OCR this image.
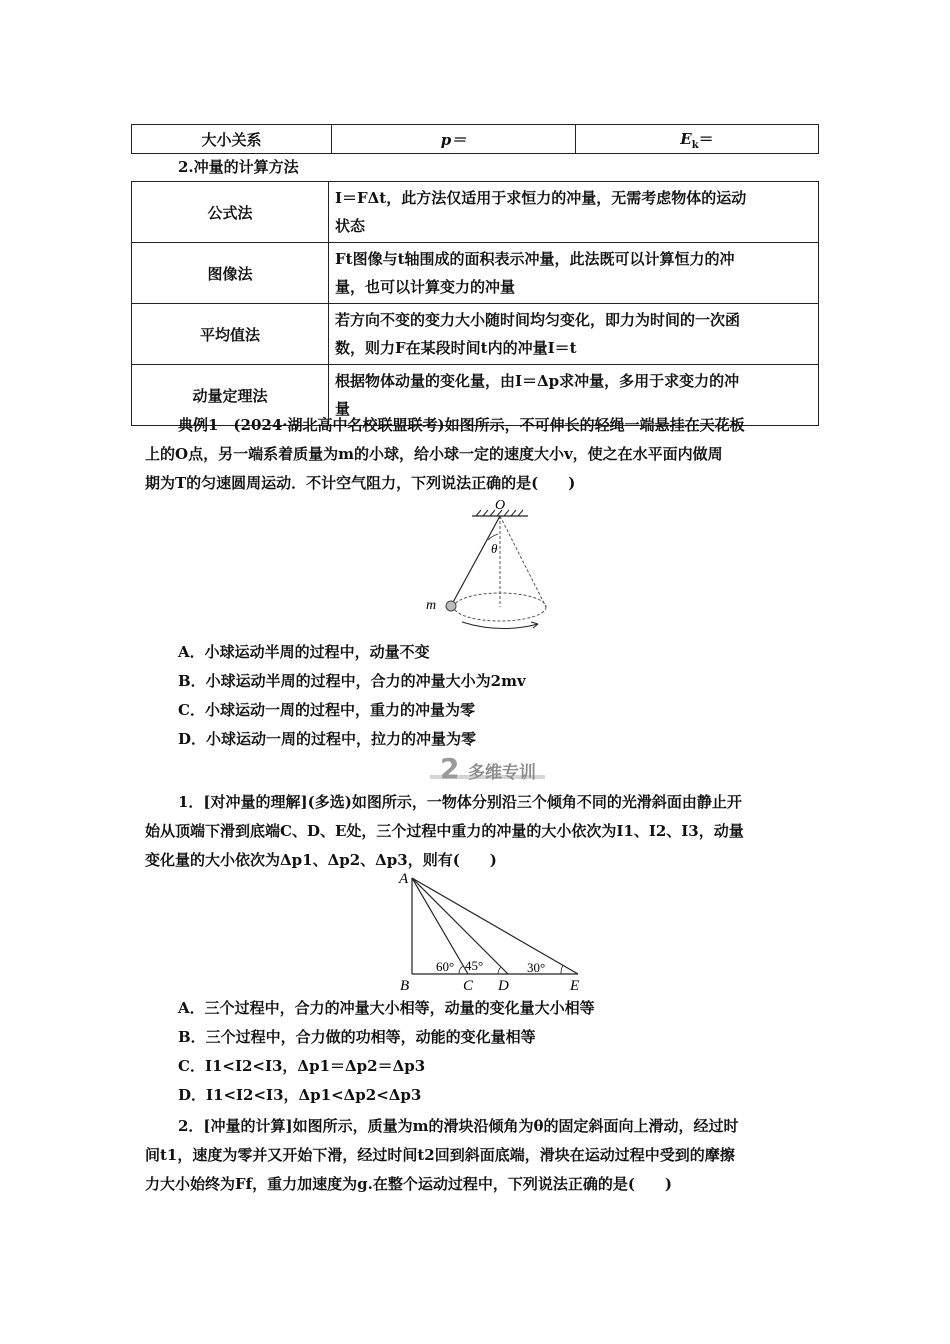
大小关系	p＝	$E_k=$
2.冲量的计算方法
公式法	I＝FΔt，此方法仅适用于求恒力的冲量，无需考虑物体的运动
状态
图像法	Ft图像与t轴围成的面积表示冲量，此法既可以计算恒力的冲
量，也可以计算变力的冲量
平均值法	若方向不变的变力大小随时间均匀变化，即力为时间的一次函
数，则力F在某段时间t内的冲量I＝t
动量定理法	根据物体动量的变化量，由I＝Δp求冲量，多用于求变力的冲
量
典例1　(2024·湖北高中名校联盟联考)如图所示，不可伸长的轻绳一端悬挂在天花板
上的O点，另一端系着质量为m的小球，给小球一定的速度大小v，使之在水平面内做周
期为T的匀速圆周运动．不计空气阻力，下列说法正确的是(　　)
O
θ
m
A．小球运动半周的过程中，动量不变
B．小球运动半周的过程中，合力的冲量大小为2mv
C．小球运动一周的过程中，重力的冲量为零
D．小球运动一周的过程中，拉力的冲量为零
2 多维专训
1．[对冲量的理解](多选)如图所示，一物体分别沿三个倾角不同的光滑斜面由静止开
始从顶端下滑到底端C、D、E处，三个过程中重力的冲量的大小依次为I1、I2、I3，动量
变化量的大小依次为Δp1、Δp2、Δp3，则有(　　)
A
B	C D	E
60° 45°	30°
A．三个过程中，合力的冲量大小相等，动量的变化量大小相等
B．三个过程中，合力做的功相等，动能的变化量相等
C．I1<I2<I3，Δp1＝Δp2＝Δp3
D．I1<I2<I3，Δp1<Δp2<Δp3
2．[冲量的计算]如图所示，质量为m的滑块沿倾角为θ的固定斜面向上滑动，经过时
间t1，速度为零并又开始下滑，经过时间t2回到斜面底端，滑块在运动过程中受到的摩擦
力大小始终为Ff，重力加速度为g.在整个运动过程中，下列说法正确的是(　　)
